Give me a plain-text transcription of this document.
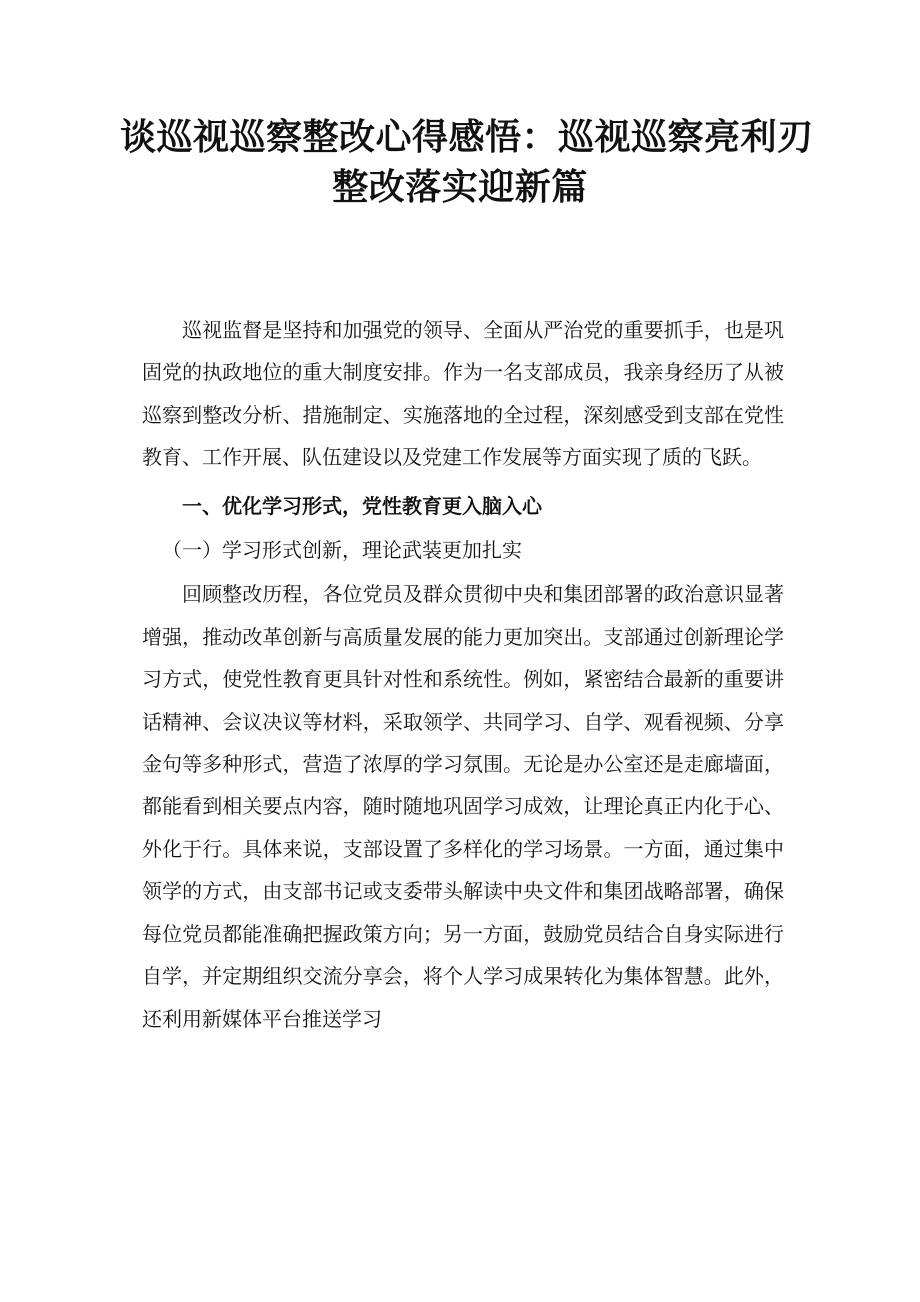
谈巡视巡察整改心得感悟：巡视巡察亮利刃
整改落实迎新篇

巡视监督是坚持和加强党的领导、全面从严治党的重要抓手，也是巩固党的执政地位的重大制度安排。作为一名支部成员，我亲身经历了从被巡察到整改分析、措施制定、实施落地的全过程，深刻感受到支部在党性教育、工作开展、队伍建设以及党建工作发展等方面实现了质的飞跃。

一、优化学习形式，党性教育更入脑入心

（一）学习形式创新，理论武装更加扎实

回顾整改历程，各位党员及群众贯彻中央和集团部署的政治意识显著增强，推动改革创新与高质量发展的能力更加突出。支部通过创新理论学习方式，使党性教育更具针对性和系统性。例如，紧密结合最新的重要讲话精神、会议决议等材料，采取领学、共同学习、自学、观看视频、分享金句等多种形式，营造了浓厚的学习氛围。无论是办公室还是走廊墙面，都能看到相关要点内容，随时随地巩固学习成效，让理论真正内化于心、外化于行。具体来说，支部设置了多样化的学习场景。一方面，通过集中领学的方式，由支部书记或支委带头解读中央文件和集团战略部署，确保每位党员都能准确把握政策方向；另一方面，鼓励党员结合自身实际进行自学，并定期组织交流分享会，将个人学习成果转化为集体智慧。此外，还利用新媒体平台推送学习
